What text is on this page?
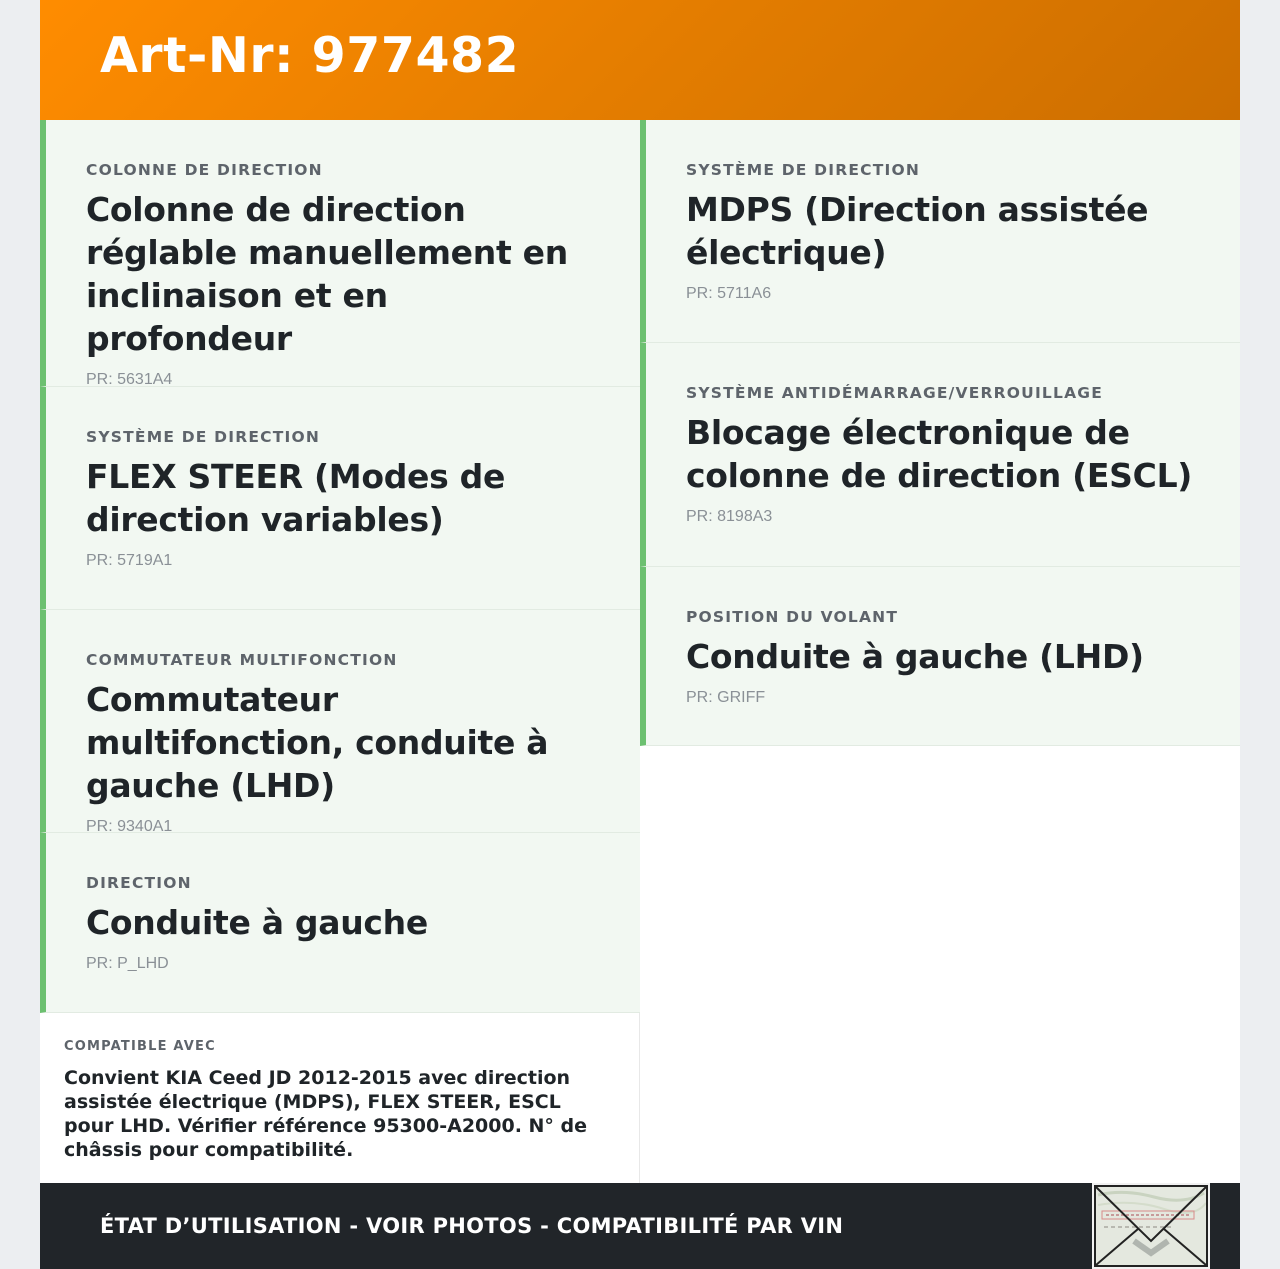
Art-Nr: 977482
COLONNE DE DIRECTION
Colonne de direction réglable manuellement en inclinaison et en profondeur
PR: 5631A4
SYSTÈME DE DIRECTION
FLEX STEER (Modes de direction variables)
PR: 5719A1
COMMUTATEUR MULTIFONCTION
Commutateur multifonction, conduite à gauche (LHD)
PR: 9340A1
DIRECTION
Conduite à gauche
PR: P_LHD
SYSTÈME DE DIRECTION
MDPS (Direction assistée électrique)
PR: 5711A6
SYSTÈME ANTIDÉMARRAGE/VERROUILLAGE
Blocage électronique de colonne de direction (ESCL)
PR: 8198A3
POSITION DU VOLANT
Conduite à gauche (LHD)
PR: GRIFF
COMPATIBLE AVEC
Convient KIA Ceed JD 2012-2015 avec direction assistée électrique (MDPS), FLEX STEER, ESCL pour LHD. Vérifier référence 95300-A2000. N° de châssis pour compatibilité.
ÉTAT D’UTILISATION - VOIR PHOTOS - COMPATIBILITÉ PAR VIN
